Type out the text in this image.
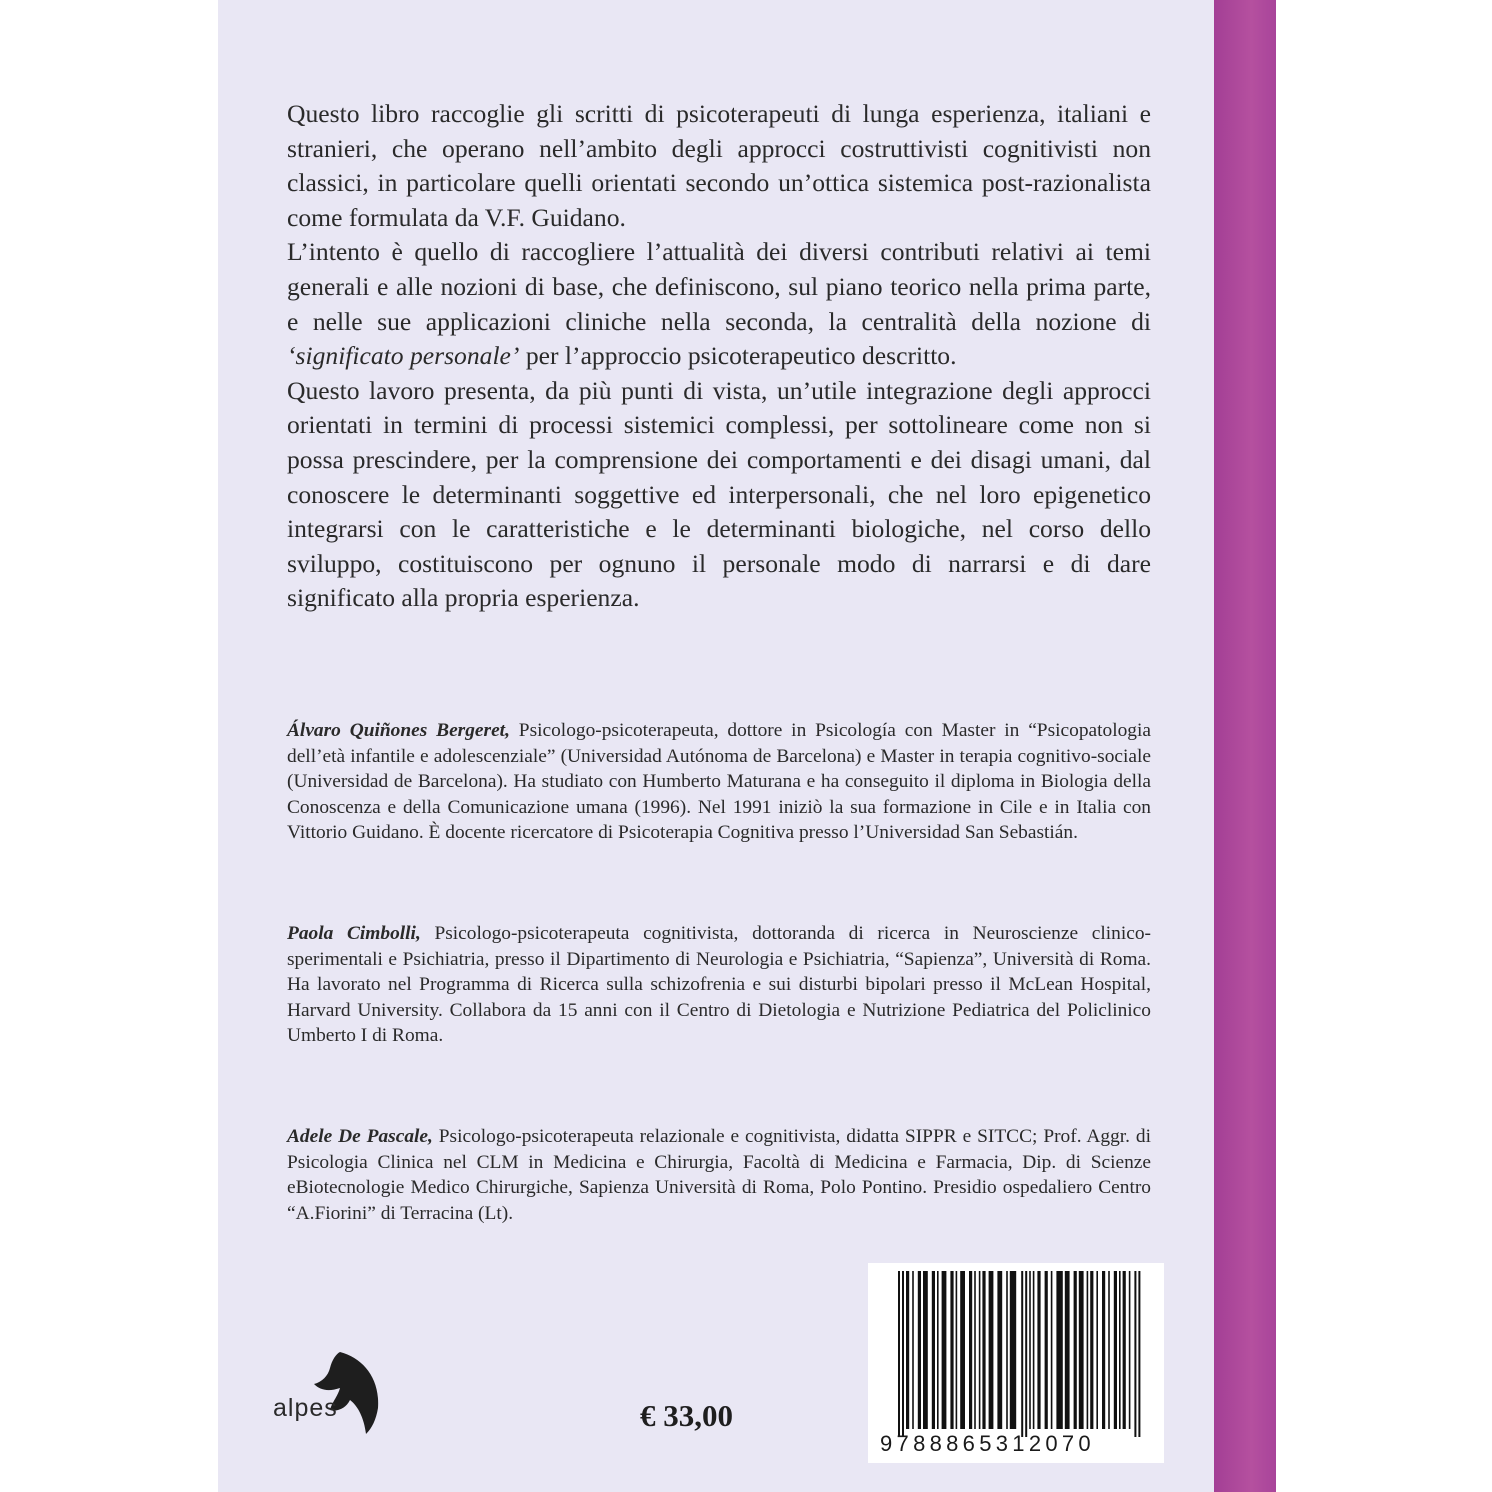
Questo libro raccoglie gli scritti di psicoterapeuti di lunga esperienza, italiani e stranieri, che operano nell’ambito degli approcci costruttivisti cognitivisti non classici, in particolare quelli orientati secondo un’ottica sistemica post-razionalista come formulata da V.F. Guidano.

L’intento è quello di raccogliere l’attualità dei diversi contributi relativi ai temi generali e alle nozioni di base, che definiscono, sul piano teorico nella prima parte, e nelle sue applicazioni cliniche nella seconda, la centralità della nozione di ‘significato personale’ per l’approccio psicoterapeutico descritto.

Questo lavoro presenta, da più punti di vista, un’utile integrazione degli approcci orientati in termini di processi sistemici complessi, per sottolineare come non si possa prescindere, per la comprensione dei comportamenti e dei disagi umani, dal conoscere le determinanti soggettive ed interpersonali, che nel loro epigenetico integrarsi con le caratteristiche e le determinanti biologiche, nel corso dello sviluppo, costituiscono per ognuno il personale modo di narrarsi e di dare significato alla propria esperienza.

Álvaro Quiñones Bergeret, Psicologo-psicoterapeuta, dottore in Psicología con Master in “Psicopatologia dell’età infantile e adolescenziale” (Universidad Autónoma de Barcelona) e Master in terapia cognitivo-sociale (Universidad de Barcelona). Ha studiato con Humberto Maturana e ha conseguito il diploma in Biologia della Conoscenza e della Comunicazione umana (1996). Nel 1991 iniziò la sua formazione in Cile e in Italia con Vittorio Guidano. È docente ricercatore di Psicoterapia Cognitiva presso l’Universidad San Sebastián.

Paola Cimbolli, Psicologo-psicoterapeuta cognitivista, dottoranda di ricerca in Neuroscienze clinico-sperimentali e Psichiatria, presso il Dipartimento di Neurologia e Psichiatria, “Sapienza”, Università di Roma. Ha lavorato nel Programma di Ricerca sulla schizofrenia e sui disturbi bipolari presso il McLean Hospital, Harvard University. Collabora da 15 anni con il Centro di Dietologia e Nutrizione Pediatrica del Policlinico Umberto I di Roma.

Adele De Pascale, Psicologo-psicoterapeuta relazionale e cognitivista, didatta SIPPR e SITCC; Prof. Aggr. di Psicologia Clinica nel CLM in Medicina e Chirurgia, Facoltà di Medicina e Farmacia, Dip. di Scienze eBiotecnologie Medico Chirurgiche, Sapienza Università di Roma, Polo Pontino. Presidio ospedaliero Centro “A.Fiorini” di Terracina (Lt).

alpes	€ 33,00
9788865312070
